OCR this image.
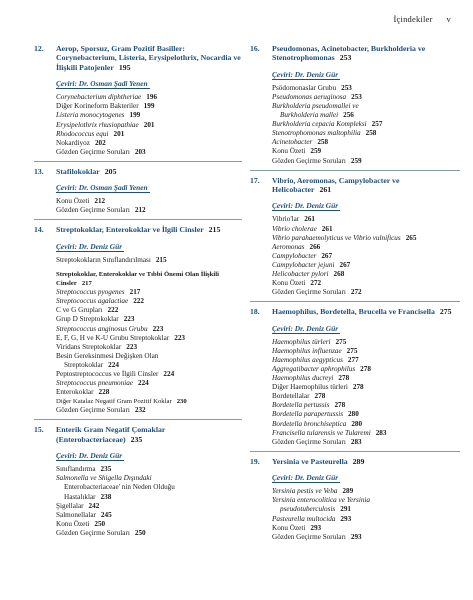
İçindekiler v
12. Aerop, Sporsuz, Gram Pozitif Basiller: Corynebacterium, Listeria, Erysipelothrix, Nocardia ve İlişkili Patojenler 195
Çeviri: Dr. Osman Şadi Yenen
Corynebacterium diphtheriae 196
Diğer Korineform Bakteriler 199
Listeria monocytogenes 199
Erysipelothrix rhusiopathiae 201
Rhodococcus equi 201
Nokardiyoz 202
Gözden Geçirme Soruları 203
13. Stafilokoklar 205
Çeviri: Dr. Osman Şadi Yenen
Konu Özeti 212
Gözden Geçirme Soruları 212
14. Streptokoklar, Enterokoklar ve İlgili Cinsler 215
Çeviri: Dr. Deniz Gür
Streptokokların Sınıflandırılması 215
Streptokoklar, Enterokoklar ve Tıbbi Önemi Olan İlişkili Cinsler 217
Streptococcus pyogenes 217
Streptococcus agalactiae 222
C ve G Grupları 222
Grup D Streptokoklar 223
Streptococcus anginosus Grubu 223
E, F, G, H ve K-U Grubu Streptokoklar 223
Viridans Streptokoklar 223
Besin Gereksinmesi Değişken Olan
Streptokoklar 224
Peptostreptococcus ve İlgili Cinsler 224
Streptococcus pneumoniae 224
Enterokoklar 228
Diğer Katalaz Negatif Gram Pozitif Koklar 230
Gözden Geçirme Soruları 232
15. Enterik Gram Negatif Çomaklar (Enterobacteriaceae) 235
Çeviri: Dr. Deniz Gür
Sınıflandırma 235
Salmonella ve Shigella Dışındaki
Enterobacteriaceae' nin Neden Olduğu
Hastalıklar 238
Şigellalar 242
Salmonellalar 245
Konu Özeti 250
Gözden Geçirme Soruları 250
16. Pseudomonas, Acinetobacter, Burkholderia ve Stenotrophomonas 253
Çeviri: Dr. Deniz Gür
Psödomonaslar Grubu 253
Pseudomonas aeruginosa 253
Burkholderia pseudomallei ve
Burkholderia mallei 256
Burkholderia cepacia Kompleksi 257
Stenotrophomonas maltophilia 258
Acinetobacter 258
Konu Özeti 259
Gözden Geçirme Soruları 259
17. Vibrio, Aeromonas, Campylobacter ve Helicobacter 261
Çeviri: Dr. Deniz Gür
Vibrio'lar 261
Vibrio cholerae 261
Vibrio parahaemolyticus ve Vibrio vulnificus 265
Aeromonas 266
Campylobacter 267
Campylobacter jejuni 267
Helicobacter pylori 268
Konu Özeti 272
Gözden Geçirme Soruları 272
18. Haemophilus, Bordetella, Brucella ve Francisella 275
Çeviri: Dr. Deniz Gür
Haemophilus türleri 275
Haemophilus influenzae 275
Haemophilus aegypticus 277
Aggregatibacter aphrophilus 278
Haemophilus ducreyi 278
Diğer Haemophilus türleri 278
Bordetellalar 278
Bordetella pertussis 278
Bordetella parapertussis 280
Bordetella bronchiseptica 280
Francisella tularensis ve Tularemi 283
Gözden Geçirme Soruları 283
19. Yersinia ve Pasteurella 289
Çeviri: Dr. Deniz Gür
Yersinia pestis ve Veba 289
Yersinia enterocolitica ve Yersinia
pseudotuberculosis 291
Pasteurella multocida 293
Konu Özeti 293
Gözden Geçirme Soruları 293
